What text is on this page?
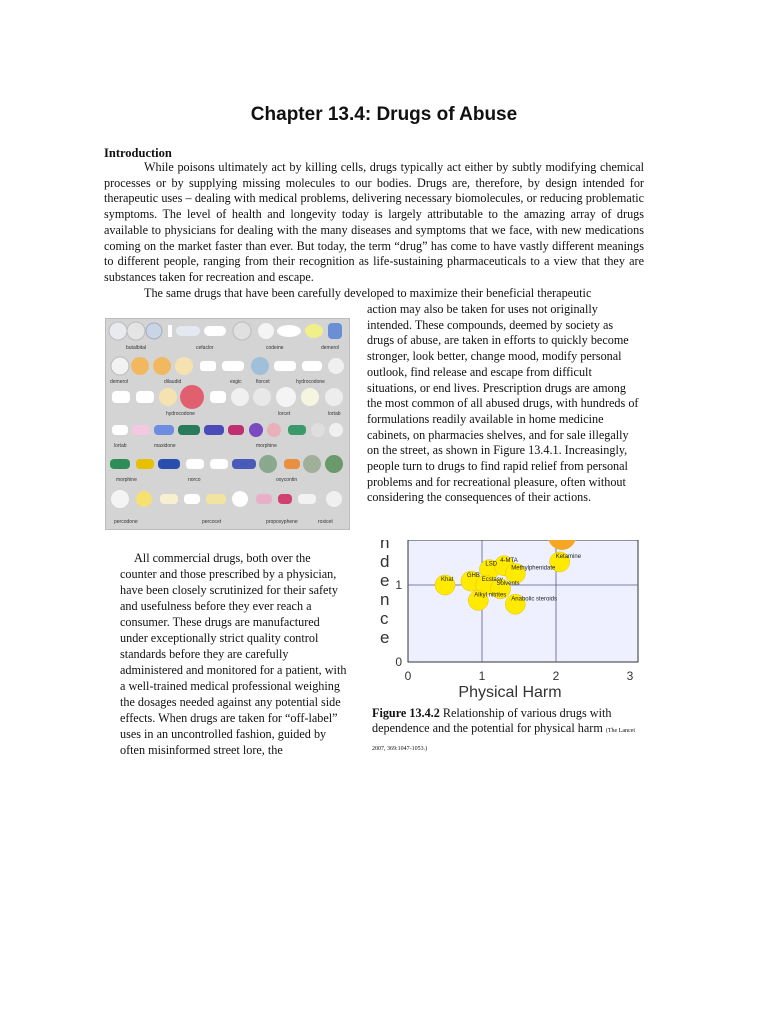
Chapter 13.4: Drugs of Abuse
Introduction

While poisons ultimately act by killing cells, drugs typically act either by subtly modifying chemical processes or by supplying missing molecules to our bodies. Drugs are, therefore, by design intended for therapeutic uses – dealing with medical problems, delivering necessary biomolecules, or reducing problematic symptoms. The level of health and longevity today is largely attributable to the amazing array of drugs available to physicians for dealing with the many diseases and symptoms that we face, with new medications coming on the market faster than ever. But today, the term “drug” has come to have vastly different meanings to different people, ranging from their recognition as life-sustaining pharmaceuticals to a view that they are substances taken for recreation and escape.

The same drugs that have been carefully developed to maximize their beneficial therapeutic

action may also be taken for uses not originally intended. These compounds, deemed by society as drugs of abuse, are taken in efforts to quickly become stronger, look better, change mood, modify personal outlook, find release and escape from difficult situations, or end lives. Prescription drugs are among the most common of all abused drugs, with hundreds of formulations readily available in home medicine cabinets, on pharmacies shelves, and for sale illegally on the street, as shown in Figure 13.4.1. Increasingly, people turn to drugs to find rapid relief from personal problems and for recreational pleasure, often without considering the consequences of their actions.

butalbital	cefaclor	codeine	demerol
demerol	dilaudid	esgic	fiorcet	hydrocodone
hydrocodone	lorcet	lortab
lortab	maxidone	morphine
morphine	norco	oxycontin
percodone	percocet	propoxyphene	roxicet

All commercial drugs, both over the counter and those prescribed by a physician, have been closely scrutinized for their safety and usefulness before they ever reach a consumer. These drugs are manufactured under exceptionally strict quality control standards before they are carefully administered and monitored for a patient, with a well-trained medical professional weighing the dosages needed against any potential side effects. When drugs are taken for “off-label” uses in an uncontrolled fashion, guided by often misinformed street lore, the

n
d
e
n
c
e
Khat
GHB
LSD
4-MTA
Methylphenidate
Ecstasy
Solvents
Alkyl nitrites
Anabolic steroids
Ketamine
0	1	2	3
0
1
Physical Harm

Figure 13.4.2 Relationship of various drugs with dependence and the potential for physical harm (The Lancet 2007, 369:1047-1053.)
